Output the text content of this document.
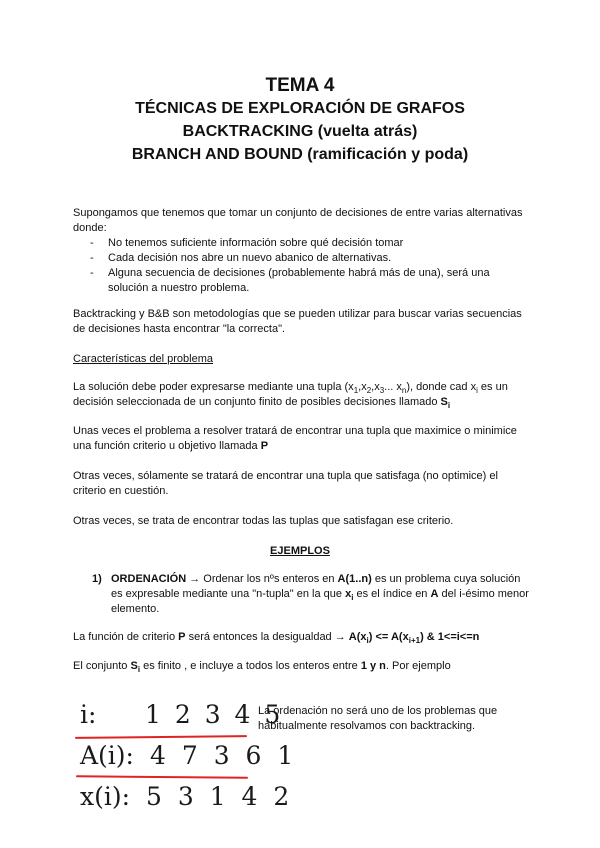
TEMA 4
TÉCNICAS DE EXPLORACIÓN DE GRAFOS
BACKTRACKING (vuelta atrás)
BRANCH AND BOUND (ramificación y poda)

Supongamos que tenemos que tomar un conjunto de decisiones de entre varias alternativas donde:

- No tenemos suficiente información sobre qué decisión tomar
- Cada decisión nos abre un nuevo abanico de alternativas.
- Alguna secuencia de decisiones (probablemente habrá más de una), será una solución a nuestro problema.

Backtracking y B&B son metodologías que se pueden utilizar para buscar varias secuencias de decisiones hasta encontrar "la correcta".

Características del problema

La solución debe poder expresarse mediante una tupla ($x_1,x_2,x_3$... $x_n$), donde cad $x_i$ es un decisión seleccionada de un conjunto finito de posibles decisiones llamado $S_i$

Unas veces el problema a resolver tratará de encontrar una tupla que maximice o minimice una función criterio u objetivo llamada P

Otras veces, sólamente se tratará de encontrar una tupla que satisfaga (no optimice) el criterio en cuestión.

Otras veces, se trata de encontrar todas las tuplas que satisfagan ese criterio.

EJEMPLOS
1) ORDENACIÓN → Ordenar los nºs enteros en A(1..n) es un problema cuya solución es expresable mediante una "n-tupla" en la que $x_i$ es el índice en A del i-ésimo menor elemento.

La función de criterio P será entonces la desigualdad → $A(x_i) <= A(x_{i+1})$ & 1<=i<=n

El conjunto $S_i$ es finito , e incluye a todos los enteros entre 1 y n. Por ejemplo

i: 1 2 3 4 5
A(i): 4 7 3 6 1
x(i): 5 3 1 4 2

La ordenación no será uno de los problemas que habitualmente resolvamos con backtracking.
